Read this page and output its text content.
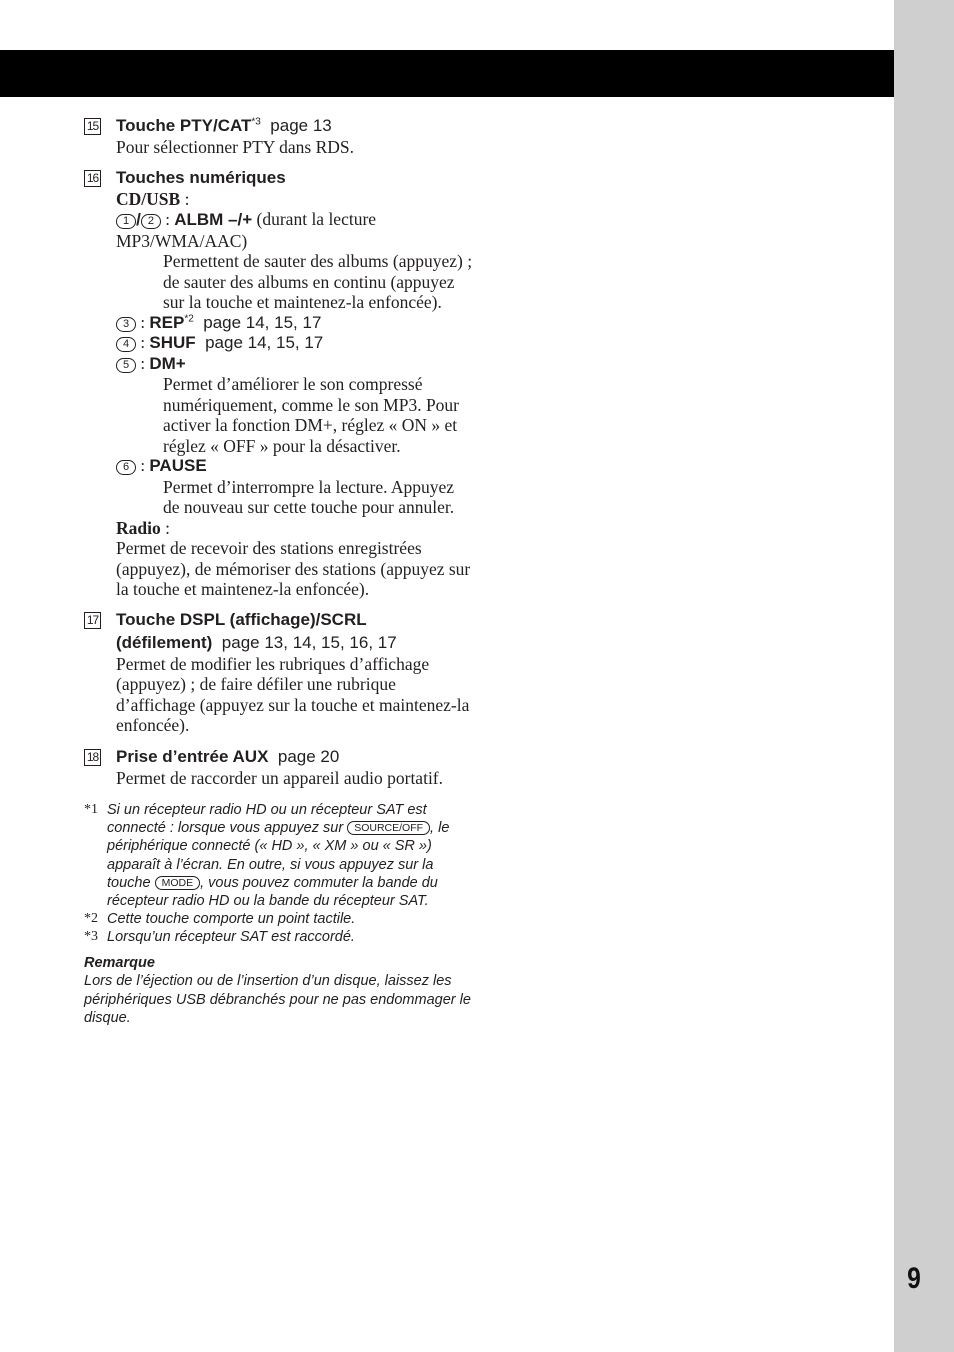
9
15 Touche PTY/CAT$^{*3}$ page 13

Pour sélectionner PTY dans RDS.

16 Touches numériques
CD/USB :
1 / 2 : ALBM –/+ (durant la lecture
MP3/WMA/AAC)

Permettent de sauter des albums (appuyez) ; de sauter des albums en continu (appuyez sur la touche et maintenez-la enfoncée).

3 : REP$^{*2}$ page 14, 15, 17
4 : SHUF page 14, 15, 17
5 : DM+

Permet d’améliorer le son compressé numériquement, comme le son MP3. Pour activer la fonction DM+, réglez « ON » et réglez « OFF » pour la désactiver.

6 : PAUSE

Permet d’interrompre la lecture. Appuyez de nouveau sur cette touche pour annuler.

Radio :

Permet de recevoir des stations enregistrées (appuyez), de mémoriser des stations (appuyez sur la touche et maintenez-la enfoncée).

17 Touche DSPL (affichage)/SCRL
(défilement) page 13, 14, 15, 16, 17

Permet de modifier les rubriques d’affichage (appuyez) ; de faire défiler une rubrique d’affichage (appuyez sur la touche et maintenez-la enfoncée).

18 Prise d’entrée AUX page 20

Permet de raccorder un appareil audio portatif.

*1 Si un récepteur radio HD ou un récepteur SAT est connecté : lorsque vous appuyez sur SOURCE/OFF , le périphérique connecté (« HD », « XM » ou « SR ») apparaît à l’écran. En outre, si vous appuyez sur la touche MODE , vous pouvez commuter la bande du récepteur radio HD ou la bande du récepteur SAT.
*2 Cette touche comporte un point tactile.
*3 Lorsqu’un récepteur SAT est raccordé.
Remarque
Lors de l’éjection ou de l’insertion d’un disque, laissez les périphériques USB débranchés pour ne pas endommager le disque.
